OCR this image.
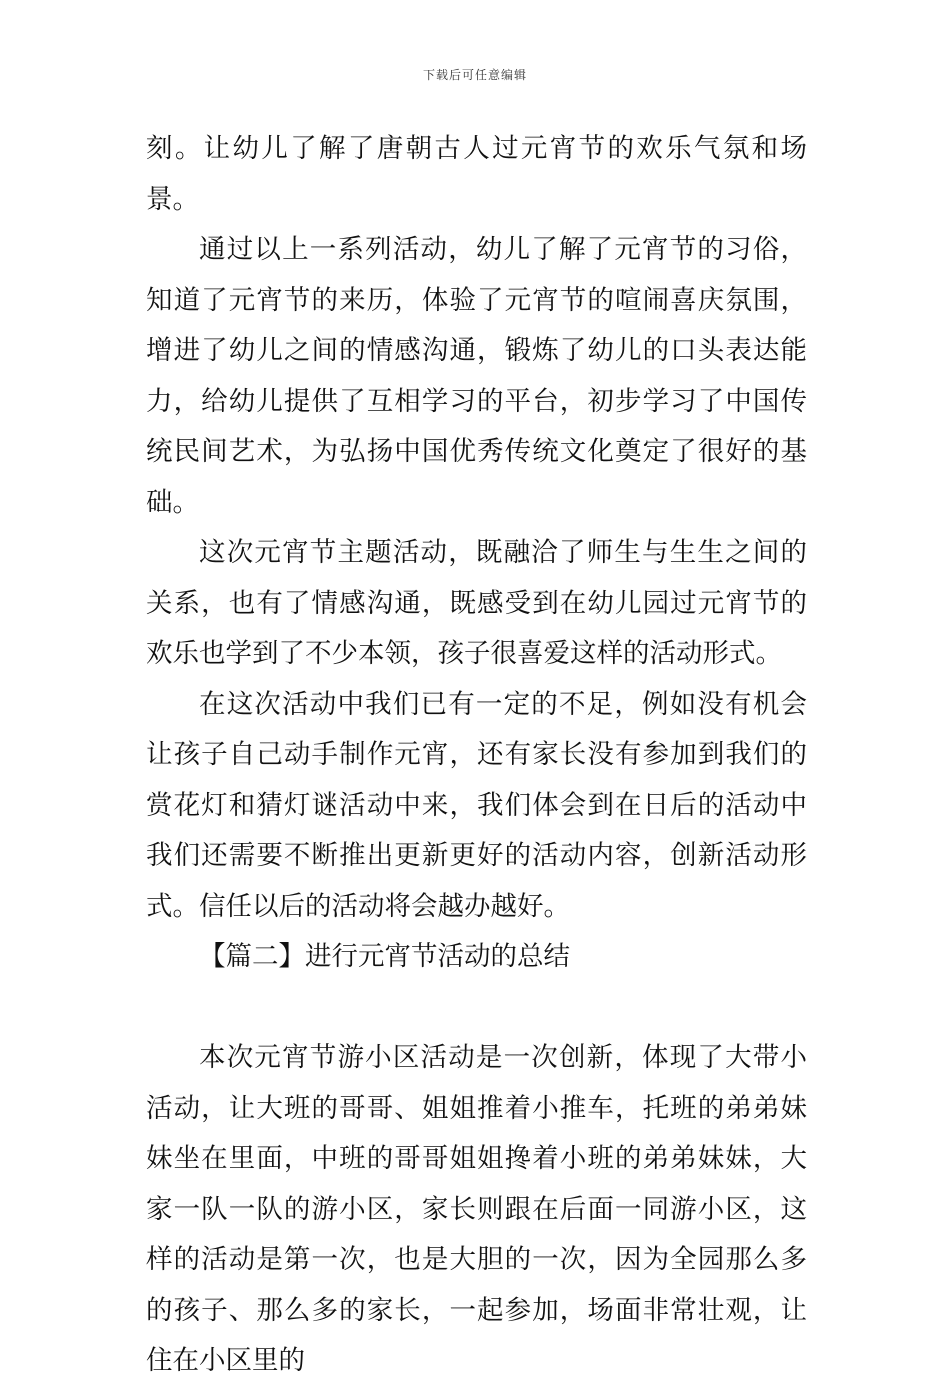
下载后可任意编辑

刻。让幼儿了解了唐朝古人过元宵节的欢乐气氛和场景。

通过以上一系列活动，幼儿了解了元宵节的习俗，知道了元宵节的来历，体验了元宵节的喧闹喜庆氛围，增进了幼儿之间的情感沟通，锻炼了幼儿的口头表达能力，给幼儿提供了互相学习的平台，初步学习了中国传统民间艺术，为弘扬中国优秀传统文化奠定了很好的基础。

这次元宵节主题活动，既融洽了师生与生生之间的关系，也有了情感沟通，既感受到在幼儿园过元宵节的欢乐也学到了不少本领，孩子很喜爱这样的活动形式。

在这次活动中我们已有一定的不足，例如没有机会让孩子自己动手制作元宵，还有家长没有参加到我们的赏花灯和猜灯谜活动中来，我们体会到在日后的活动中我们还需要不断推出更新更好的活动内容，创新活动形式。信任以后的活动将会越办越好。

【篇二】进行元宵节活动的总结

本次元宵节游小区活动是一次创新，体现了大带小活动，让大班的哥哥、姐姐推着小推车，托班的弟弟妹妹坐在里面，中班的哥哥姐姐搀着小班的弟弟妹妹，大家一队一队的游小区，家长则跟在后面一同游小区，这样的活动是第一次，也是大胆的一次，因为全园那么多的孩子、那么多的家长，一起参加，场面非常壮观，让住在小区里的
